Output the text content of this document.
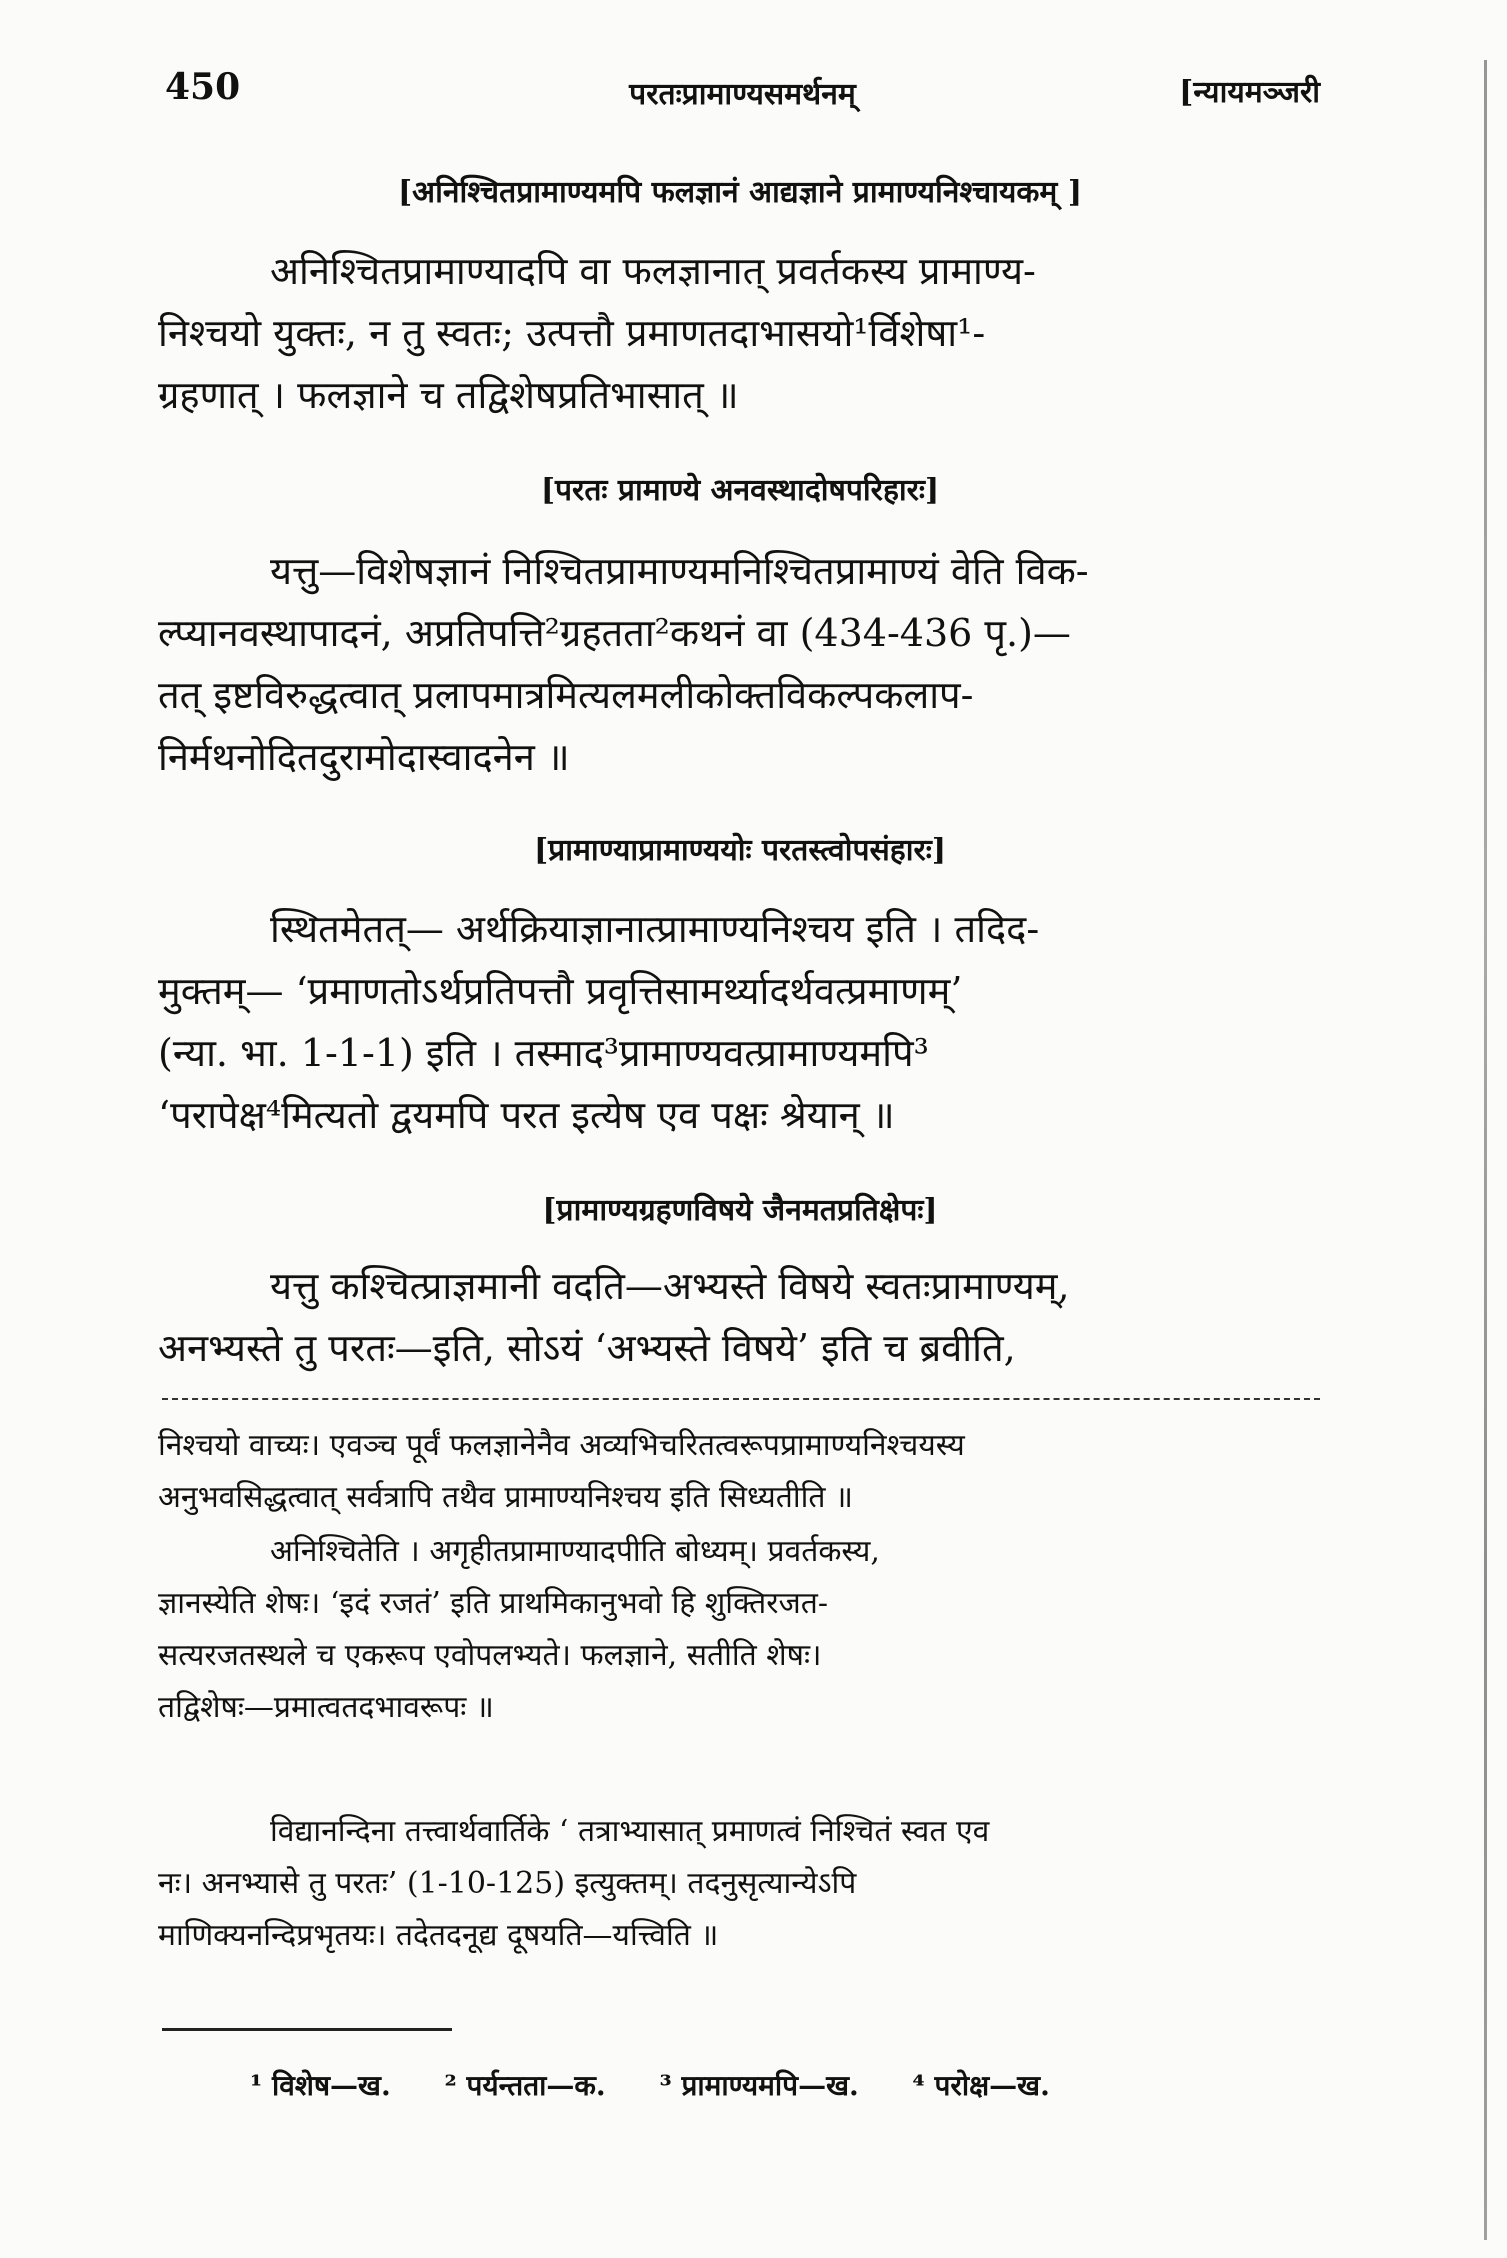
450	परतःप्रामाण्यसमर्थनम्	[न्यायमञ्जरी
[अनिश्चितप्रामाण्यमपि फलज्ञानं आद्यज्ञाने प्रामाण्यनिश्चायकम् ]
अनिश्चितप्रामाण्यादपि वा फलज्ञानात् प्रवर्तकस्य प्रामाण्य-
निश्चयो युक्तः, न तु स्वतः; उत्पत्तौ प्रमाणतदाभासयो¹र्विशेषा¹-
ग्रहणात् । फलज्ञाने च तद्विशेषप्रतिभासात् ॥
[परतः प्रामाण्ये अनवस्थादोषपरिहारः]
यत्तु—विशेषज्ञानं निश्चितप्रामाण्यमनिश्चितप्रामाण्यं वेति विक-
ल्प्यानवस्थापादनं, अप्रतिपत्ति²ग्रहतता²कथनं वा (434-436 पृ.)—
तत् इष्टविरुद्धत्वात् प्रलापमात्रमित्यलमलीकोक्तविकल्पकलाप-
निर्मथनोदितदुरामोदास्वादनेन ॥
[प्रामाण्याप्रामाण्ययोः परतस्त्वोपसंहारः]
स्थितमेतत्— अर्थक्रियाज्ञानात्प्रामाण्यनिश्चय इति । तदिद-
मुक्तम्— ‘प्रमाणतोऽर्थप्रतिपत्तौ प्रवृत्तिसामर्थ्यादर्थवत्प्रमाणम्’
(न्या. भा. 1-1-1) इति । तस्माद³प्रामाण्यवत्प्रामाण्यमपि³
‘परापेक्ष⁴मित्यतो द्वयमपि परत इत्येष एव पक्षः श्रेयान् ॥
[प्रामाण्यग्रहणविषये जैनमतप्रतिक्षेपः]
यत्तु कश्चित्प्राज्ञमानी वदति—अभ्यस्ते विषये स्वतःप्रामाण्यम्,
अनभ्यस्ते तु परतः—इति, सोऽयं ‘अभ्यस्ते विषये’ इति च ब्रवीति,
निश्चयो वाच्यः। एवञ्च पूर्वं फलज्ञानेनैव अव्यभिचरितत्वरूपप्रामाण्यनिश्चयस्य
अनुभवसिद्धत्वात् सर्वत्रापि तथैव प्रामाण्यनिश्चय इति सिध्यतीति ॥
अनिश्चितेति । अगृहीतप्रामाण्यादपीति बोध्यम्। प्रवर्तकस्य,
ज्ञानस्येति शेषः। ‘इदं रजतं’ इति प्राथमिकानुभवो हि शुक्तिरजत-
सत्यरजतस्थले च एकरूप एवोपलभ्यते। फलज्ञाने, सतीति शेषः।
तद्विशेषः—प्रमात्वतदभावरूपः ॥
विद्यानन्दिना तत्त्वार्थवार्तिके ‘ तत्राभ्यासात् प्रमाणत्वं निश्चितं स्वत एव
नः। अनभ्यासे तु परतः’ (1-10-125) इत्युक्तम्। तदनुसृत्यान्येऽपि
माणिक्यनन्दिप्रभृतयः। तदेतदनूद्य दूषयति—यत्त्विति ॥
¹ विशेष—ख. ² पर्यन्तता—क. ³ प्रामाण्यमपि—ख. ⁴ परोक्ष—ख.
